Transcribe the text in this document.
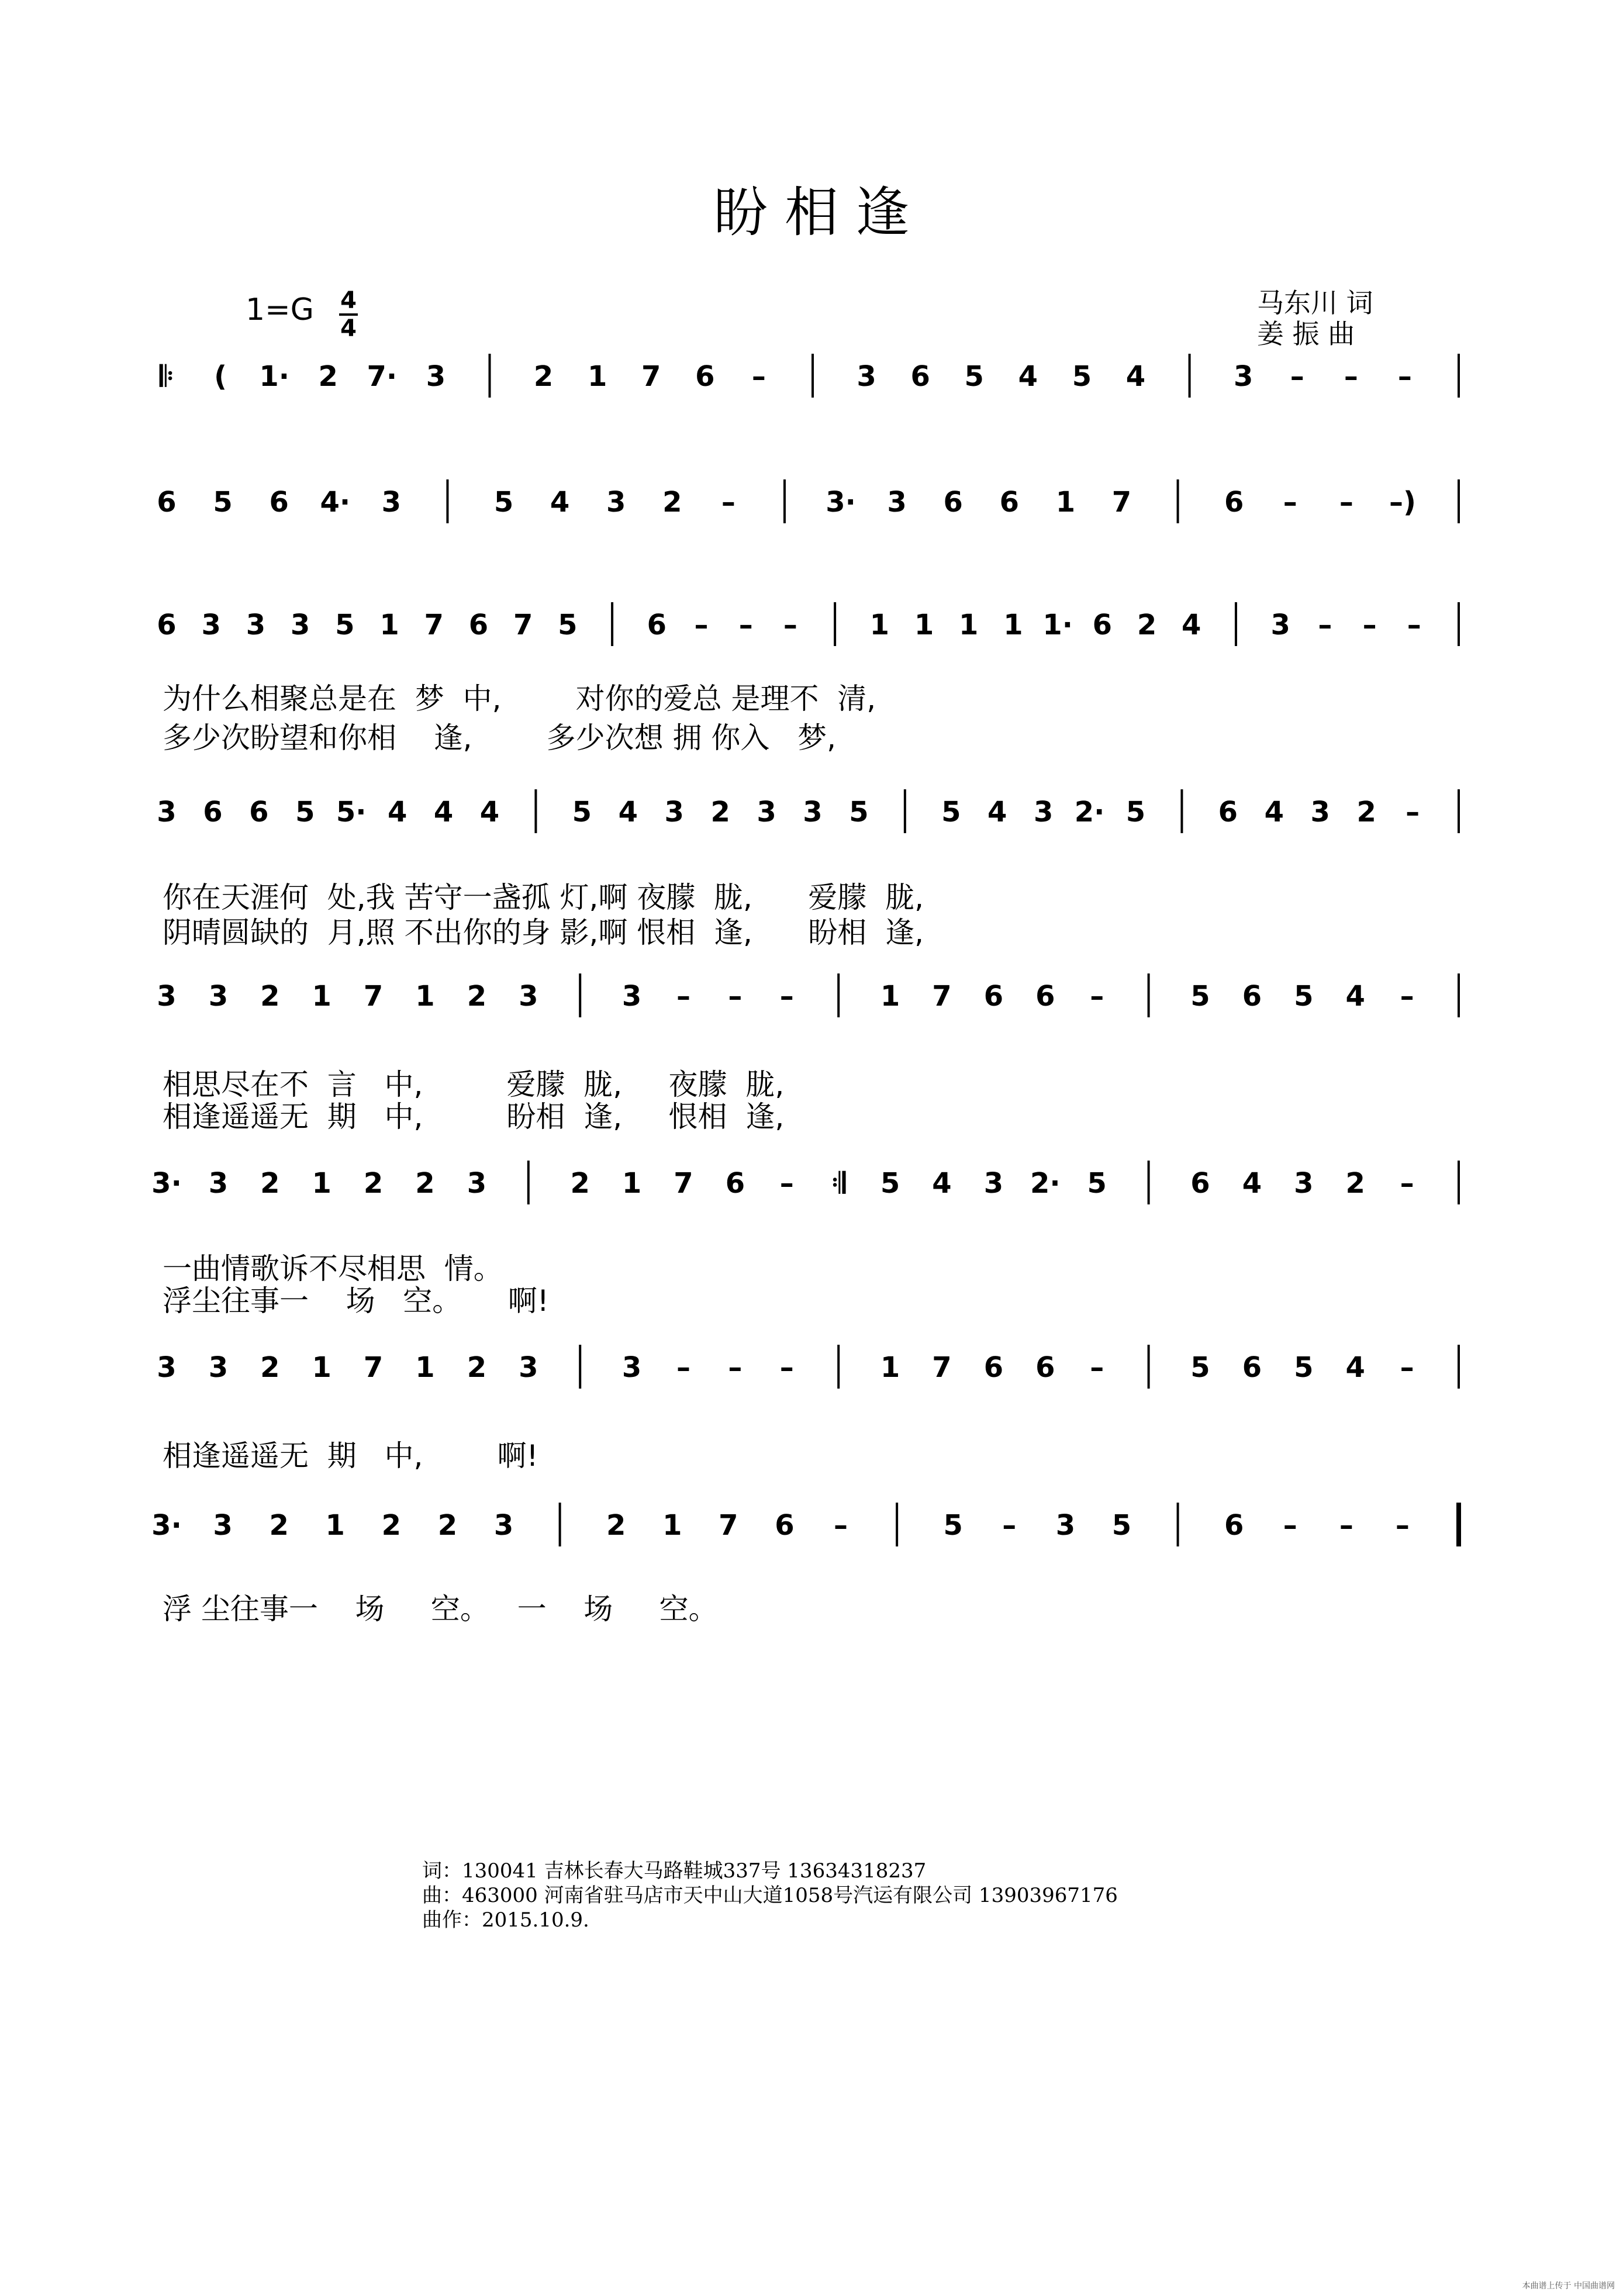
盼 相 逢
1=G 4
4
马东川 词
姜 振 曲
𝄆 ( 1· 2 7· 3	2 1 7 6 –	3 6 5 4 5 4	3 – – –
6 5 6 4· 3	5 4 3 2 –	3· 3 6 6 1 7	6 – – –)
6 3 3 3 5 1 7 6 7 5 6 – – –	1 1 1 1 1· 6 2 4 3 – – –
3 6 6 5 5· 4 4 4	5 4 3 2 3 3 5	5 4 3 2· 5	6 4 3 2 –
3 3 2 1 7 1 2 3	3 – – –	1 7 6 6 –	5 6 5 4 –
3· 3 2 1 2 2 3	2 1 7 6 – 𝄇 5 4 3 2· 5	6 4 3 2 –
3 3 2 1 7 1 2 3	3 – – –	1 7 6 6 –	5 6 5 4 –
3· 3 2 1 2 2 3	2 1 7 6 –	5 – 3 5	6 – – –
为什么相聚总是在  梦  中,        对你的爱总 是理不  清,
多少次盼望和你相    逢,        多少次想 拥 你入   梦,
你在天涯何  处,我 苦守一盏孤 灯,啊 夜朦  胧,      爱朦  胧,
阴晴圆缺的  月,照 不出你的身 影,啊 恨相  逢,      盼相  逢,
相思尽在不  言   中,         爱朦  胧,     夜朦  胧,
相逢遥遥无  期   中,         盼相  逢,     恨相  逢,
一曲情歌诉不尽相思  情。
浮尘往事一    场   空。     啊!
相逢遥遥无  期   中,        啊!
浮 尘往事一    场     空。   一    场     空。
词：130041 吉林长春大马路鞋城337号 13634318237
曲：463000 河南省驻马店市天中山大道1058号汽运有限公司 13903967176
曲作：2015.10.9.
本曲谱上传于 中国曲谱网
